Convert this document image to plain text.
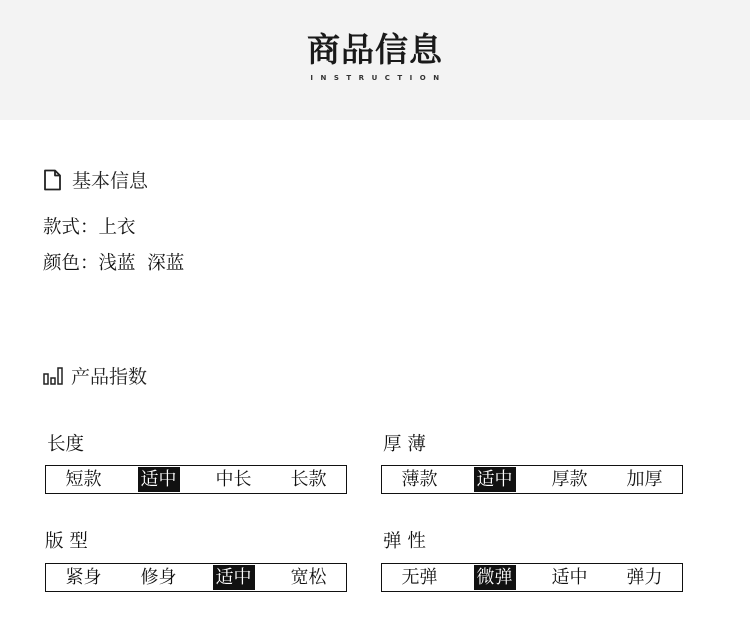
商品信息
INSTRUCTION
基本信息
款式：上衣
颜色：浅蓝  深蓝
产品指数
长度
短款 适中 中长 长款
厚 薄
薄款 适中 厚款 加厚
版 型
紧身 修身 适中 宽松
弹 性
无弹 微弹 适中 弹力
